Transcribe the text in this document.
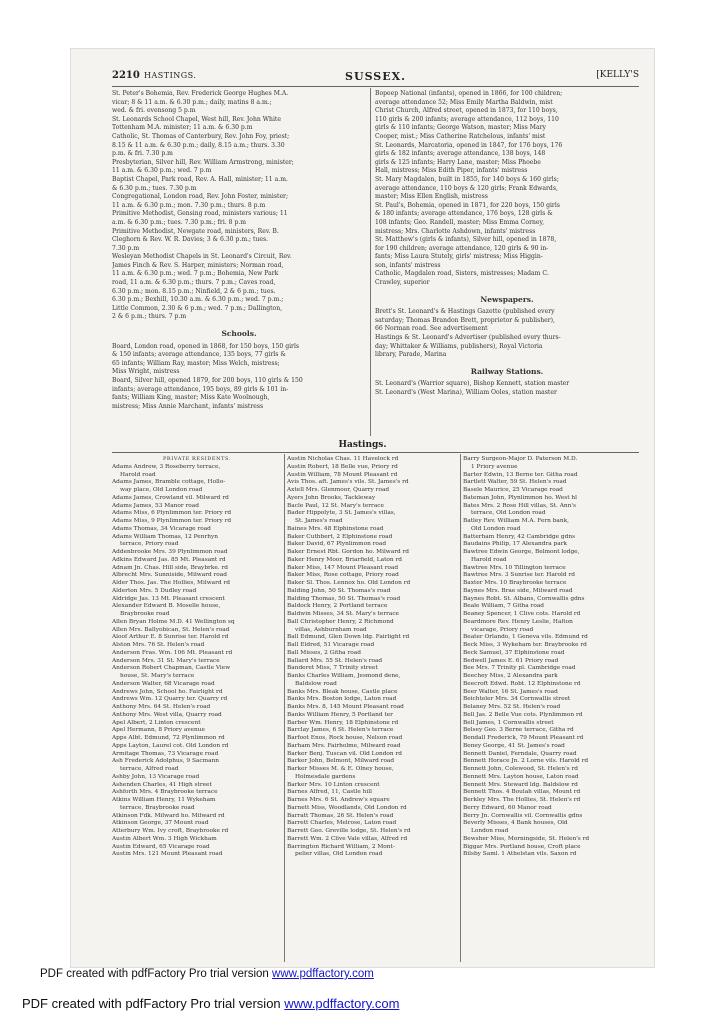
2210 HASTINGS.	SUSSEX.	[KELLY'S
St. Peter's Bohemia, Rev. Frederick George Hughes M.A.
vicar; 8 & 11 a.m. & 6.30 p.m.; daily, matins 8 a.m.;
wed. & fri. evensong 5 p.m
St. Leonards School Chapel, West hill, Rev. John White
Tottenham M.A. minister; 11 a.m. & 6.30 p.m
Catholic, St. Thomas of Canterbury, Rev. John Foy, priest;
8.15 & 11 a.m. & 6.30 p.m.; daily, 8.15 a.m.; thurs. 3.30
p.m. & fri. 7.30 p.m
Presbyterian, Silver hill, Rev. William Armstrong, minister;
11 a.m. & 6.30 p.m.; wed. 7 p.m
Baptist Chapel, Park road, Rev. A. Hall, minister; 11 a.m.
& 6.30 p.m.; tues. 7.30 p.m
Congregational, London road, Rev. John Foster, minister;
11 a.m. & 6.30 p.m.; mon. 7.30 p.m.; thurs. 8 p.m
Primitive Methodist, Gensing road, ministers various; 11
a.m. & 6.30 p.m.; tues. 7.30 p.m.; fri. 8 p.m
Primitive Methodist, Newgate road, ministers, Rev. B.
Cleghorn & Rev. W. R. Davies; 3 & 6.30 p.m.; tues.
7.30 p.m
Wesleyan Methodist Chapels in St. Leonard's Circuit, Rev.
James Finch & Rev. S. Harper, ministers; Norman road,
11 a.m. & 6.30 p.m.; wed. 7 p.m.; Bohemia, New Park
road, 11 a.m. & 6.30 p.m.; thurs. 7 p.m.; Caves road,
6.30 p.m.; mon. 8.15 p.m.; Ninfield, 2 & 6 p.m.; tues.
6.30 p.m.; Bexhill, 10.30 a.m. & 6.30 p.m.; wed. 7 p.m.;
Little Common, 2.30 & 6 p.m.; wed. 7 p.m.; Dallington,
2 & 6 p.m.; thurs. 7 p.m
Schools.
Board, London road, opened in 1868, for 150 boys, 150 girls
& 150 infants; average attendance, 135 boys, 77 girls &
65 infants; William Ray, master; Miss Welch, mistress;
Miss Wright, mistress
Board, Silver hill, opened 1879, for 200 boys, 110 girls & 150
infants; average attendance, 195 boys, 89 girls & 101 in-
fants; William King, master; Miss Kate Woolnough,
mistress; Miss Annie Marchant, infants' mistress
Bopeep National (infants), opened in 1866, for 100 children;
average attendance 52; Miss Emily Martha Baldwin, mist
Christ Church, Alfred street, opened in 1873, for 110 boys,
110 girls & 200 infants; average attendance, 112 boys, 110
girls & 110 infants; George Watson, master; Miss Mary
Cooper, mist.; Miss Catherine Ratchelous, infants' mist
St. Leonards, Marcatoria, opened in 1847, for 176 boys, 176
girls & 182 infants; average attendance, 138 boys, 148
girls & 125 infants; Harry Lane, master; Miss Phoebe
Hall, mistress; Miss Edith Piper, infants' mistress
St. Mary Magdalen, built in 1855, for 140 boys & 160 girls;
average attendance, 110 boys & 120 girls; Frank Edwards,
master; Miss Ellen English, mistress
St. Paul's, Bohemia, opened in 1871, for 220 boys, 150 girls
& 180 infants; average attendance, 176 boys, 128 girls &
108 infants; Geo. Randell, master; Miss Emma Corney,
mistress; Mrs. Charlotte Ashdown, infants' mistress
St. Matthew's (girls & infants), Silver hill, opened in 1878,
for 190 children; average attendance, 120 girls & 90 in-
fants; Miss Laura Stutely, girls' mistress; Miss Higgin-
son, infants' mistress
Catholic, Magdalen road, Sisters, mistresses; Madam C.
Crawley, superior
Newspapers.
Brett's St. Leonard's & Hastings Gazette (published every
saturday; Thomas Brandon Brett, proprietor & publisher),
66 Norman road. See advertisement
Hastings & St. Leonard's Advertiser (published every thurs-
day; Whittaker & Williams, publishers), Royal Victoria
library, Parade, Marina
Railway Stations.
St. Leonard's (Warrior square), Bishop Kennett, station master
St. Leonard's (West Marina), William Ooles, station master
Hastings.
PRIVATE RESIDENTS.
Adams Andrew, 3 Roseberry terrace,
Harold road
Adams James, Bramble cottage, Hollo-
way place, Old London road
Adams James, Crowland vil. Milward rd
Adams James, 53 Manor road
Adams Miss, 6 Plynlimmon ter. Priory rd
Adams Miss, 9 Plynlimmon ter. Priory rd
Adams Thomas, 34 Vicarage road
Adams William Thomas, 12 Penrhyn
terrace, Priory road
Addenbrooke Mrs. 39 Plynlimmon road
Adkins Edward Jas. 85 Mt. Pleasant rd
Adnam Jn. Chas. Hill side, Braybrke. rd
Albrecht Mrs. Sunniside, Milward road
Alder Thos. Jas. The Hollies, Milward rd
Alderton Mrs. 5 Dudley road
Aldridge Jas. 13 Mt. Pleasant crescent
Alexander Edward B. Moselle house,
Braybrooke road
Allen Bryan Holme M.D. 41 Wellington sq
Allen Mrs. Ballyobican, St. Helen's road
Aloof Arthur E. 8 Sunrise ter. Harold rd
Alston Mrs. 76 St. Helen's road
Anderson Fras. Wm. 106 Mt. Pleasant rd
Anderson Mrs. 31 St. Mary's terrace
Anderson Robert Chapman, Castle View
house, St. Mary's terrace
Anderson Walter, 68 Vicarage road
Andrews John, School ho. Fairlight rd
Andrews Wm. 12 Quarry ter. Quarry rd
Anthony Mrs. 64 St. Helen's road
Anthony Mrs. West villa, Quarry road
Apel Albert, 2 Linton crescent
Apel Hermann, 8 Priory avenue
Apps Albt. Edmund, 72 Plynlimmon rd
Apps Layton, Laurel cot. Old London rd
Armitage Thomas, 73 Vicarage road
Ash Frederick Adolphus, 9 Sacmann
terrace, Alfred road
Ashby John, 13 Vicarage road
Ashenden Charles, 41 High street
Ashforth Mrs. 4 Braybrooke terrace
Atkins William Henry, 11 Wykeham
terrace, Braybrooke road
Atkinson Fdk. Milward ho. Milward rd
Atkinson George, 37 Mount road
Atterbury Wm. Ivy croft, Braybrooke rd
Austin Albert Wm. 3 High Wickham
Austin Edward, 65 Vicarage road
Austin Mrs. 121 Mount Pleasant road
Austin Nicholas Chas. 11 Havelock rd
Austin Robert, 18 Belle vue, Priory rd
Austin William, 78 Mount Pleasant rd
Avis Thos. aft. James's vils. St. James's rd
Axtell Mrs. Glenmoor, Quarry road
Ayers John Brooks, Tackleway
Bacle Paul, 12 St. Mary's terrace
Bader Hippolyte, 3 St. James's villas,
St. James's road
Baines Mrs. 48 Elphinstone road
Baker Cuthbert, 2 Elphinstone road
Baker David, 67 Plynlimmon road
Baker Ernest Rbt. Gordon ho. Milward rd
Baker Henry Moor, Briarfield, Laton rd
Baker Miss, 147 Mount Pleasant road
Baker Miss, Rose cottage, Priory road
Baker Sl. Thos. Lennox ho. Old London rd
Balding John, 50 St. Thomas's road
Balding Thomas, 50 St. Thomas's road
Baldock Henry, 2 Portland terrace
Baldwin Misses, 34 St. Mary's terrace
Ball Christopher Henry, 2 Richmond
villas, Ashburnham road
Ball Edmund, Glen Down ldg. Fairlight rd
Ball Eldred, 51 Vicarage road
Ball Misses, 2 Githa road
Ballard Mrs. 55 St. Helen's road
Banderet Miss, 7 Trinity street
Banks Charles William, Jesmond dene,
Baldslow road
Banks Mrs. Bleak house, Castle place
Banks Mrs. Boston lodge, Laton road
Banks Mrs. 8, 145 Mount Pleasant road
Banks William Henry, 5 Portland ter
Barber Wm. Henry, 18 Elphinstone rd
Barclay James, 6 St. Helen's terrace
Barfoot Enos, Rock house, Nelson road
Barham Mrs. Fairholme, Milward road
Barker Benj. Tuscan vil. Old London rd
Barker John, Belmont, Milward road
Barker Misses M. & E. Olney house,
Holmesdale gardens
Barker Mrs. 10 Linton crescent
Barnes Alfred, 11, Castle hill
Barnes Mrs. 6 St. Andrew's square
Barnett Miss, Woodlands, Old London rd
Barratt Thomas, 26 St. Helen's road
Barrett Charles, Melrose, Laton road
Barrett Geo. Greville lodge, St. Helen's rd
Barrett Wm. 2 Clive Vale villas, Alfred rd
Barrington Richard William, 2 Mont-
pelier villas, Old London road
Barry Surgeon-Major D. Paterson M.D.
1 Priory avenue
Barter Edwin, 13 Berne ter. Githa road
Bartlett Walter, 59 St. Helen's road
Basele Maurice, 25 Vicarage road
Bateman John, Plynlimmon ho. West hl
Bates Mrs. 2 Rose Hill villas, St. Ann's
terrace, Old London road
Batley Rev. William M.A. Fern bank,
Old London road
Batterham Henry, 42 Cambridge gdns
Baudains Philip, 17 Alexandra park
Bawtree Edwin George, Belmont lodge,
Harold road
Bawtree Mrs. 10 Tillington terrace
Bawtree Mrs. 3 Sunrise ter. Harold rd
Baxter Mrs. 10 Braybrooke terrace
Baynes Mrs. Brae side, Milward road
Baynes Robt. St. Albans, Cornwallis gdns
Beale William, 7 Githa road
Beaney Spencer, 1 Clive cots. Harold rd
Beardmore Rev. Henry Leslie, Halton
vicarage, Priory road
Beater Orlando, 1 Geneva vils. Edmund rd
Beck Miss, 3 Wykeham ter. Braybrooke rd
Beck Samuel, 37 Elphinstone road
Bedwell James E. 61 Priory road
Bee Mrs. 7 Trinity pl. Cambridge road
Beechey Miss, 2 Alexandra park
Beecroft Edwd. Robt. 12 Elphinstone rd
Beer Walter, 16 St. James's road
Beichteler Mrs. 34 Cornwallis street
Belaney Mrs. 52 St. Helen's road
Bell Jas. 2 Belle Vue cots. Plynlimmon rd
Bell James, 1 Cornwallis street
Belsey Geo. 3 Berne terrace, Githa rd
Bendall Frederick, 79 Mount Pleasant rd
Beney George, 41 St. James's road
Bennett Daniel, Ferndale, Quarry road
Bennett Horace Jn. 2 Lorne vils. Harold rd
Bennett John, Colewood, St. Helen's rd
Bennett Mrs. Layton house, Laton road
Bennett Mrs. Steward ldg. Baldslow rd
Bennett Thos. 4 Boulah villas, Mount rd
Berkley Mrs. The Hollies, St. Helen's rd
Berry Edward, 60 Manor road
Berry Jn. Cornwallis vil. Cornwallis gdns
Beverly Misses, 4 Bank houses, Old
London road
Bewsher Miss, Morningside, St. Helen's rd
Biggar Mrs. Portland house, Croft place
Bilsby Saml. 1 Athelstan vils. Saxon rd
PDF created with pdfFactory Pro trial version www.pdffactory.com
PDF created with pdfFactory Pro trial version www.pdffactory.com
